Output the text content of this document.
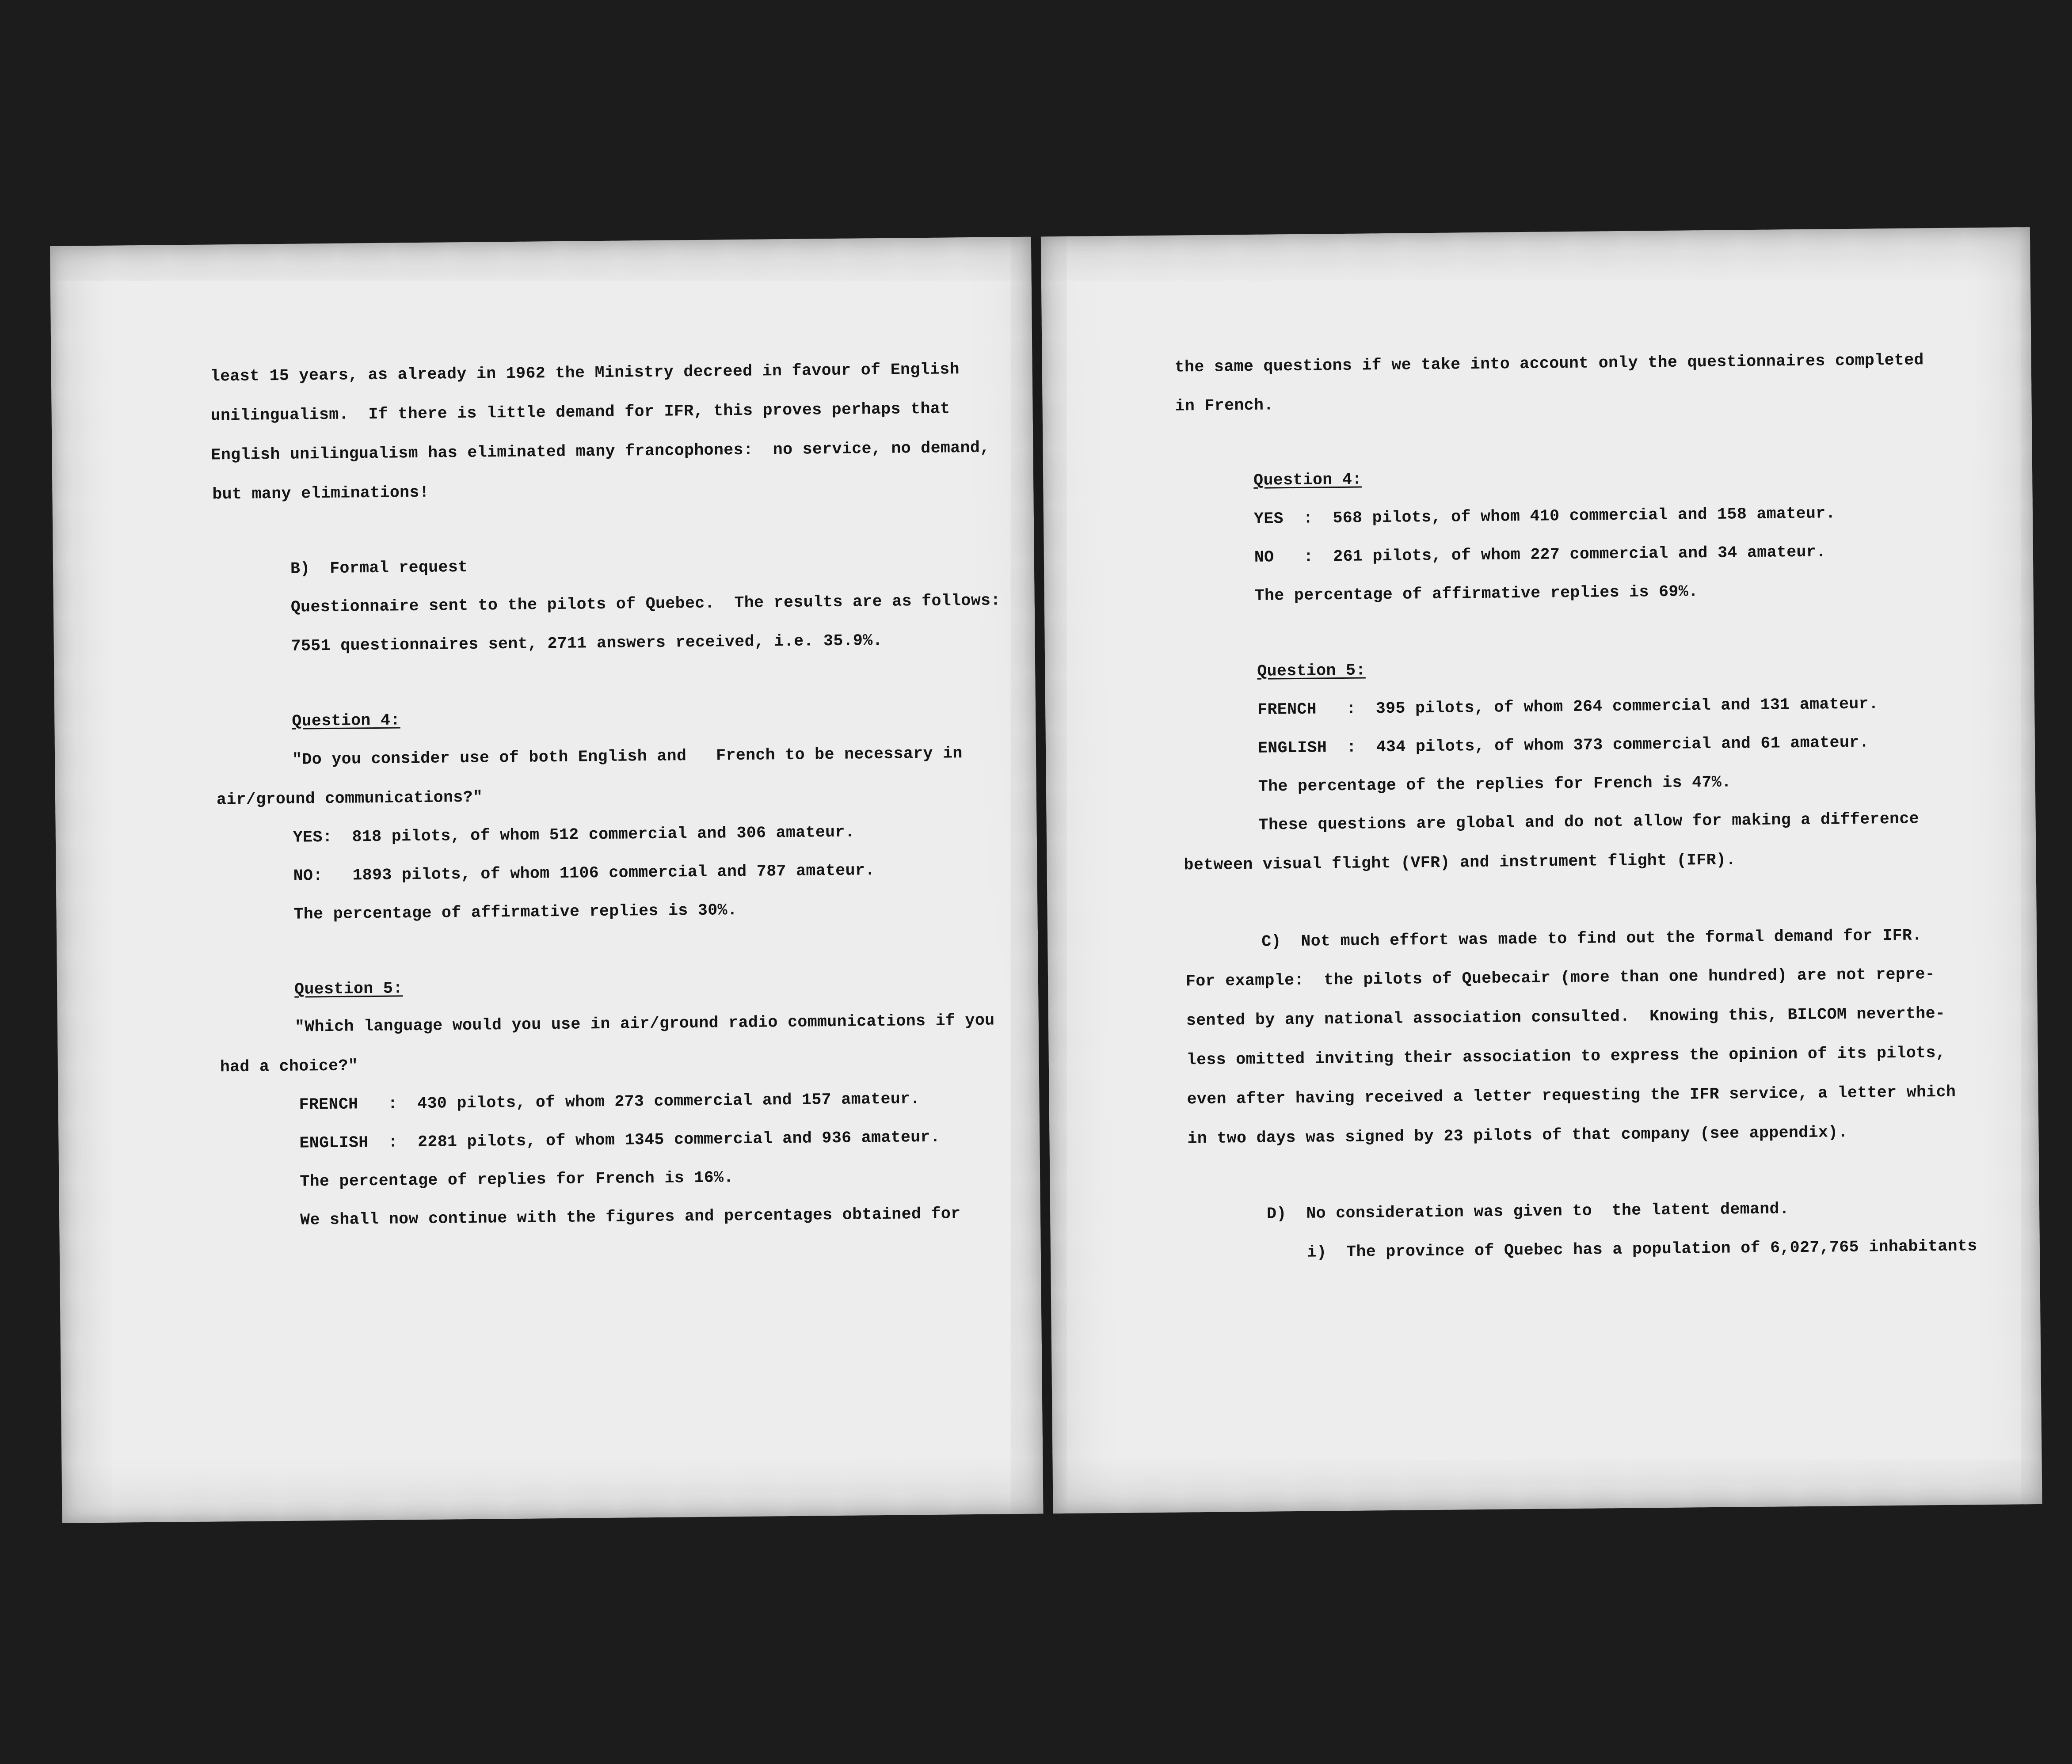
least 15 years, as already in 1962 the Ministry decreed in favour of English
unilingualism.  If there is little demand for IFR, this proves perhaps that
English unilingualism has eliminated many francophones:  no service, no demand,
but many eliminations!
B)  Formal request
Questionnaire sent to the pilots of Quebec.  The results are as follows:
7551 questionnaires sent, 2711 answers received, i.e. 35.9%.
Question 4:
"Do you consider use of both English and   French to be necessary in
air/ground communications?"
YES:  818 pilots, of whom 512 commercial and 306 amateur.
NO:   1893 pilots, of whom 1106 commercial and 787 amateur.
The percentage of affirmative replies is 30%.
Question 5:
"Which language would you use in air/ground radio communications if you
had a choice?"
FRENCH   :  430 pilots, of whom 273 commercial and 157 amateur.
ENGLISH  :  2281 pilots, of whom 1345 commercial and 936 amateur.
The percentage of replies for French is 16%.
We shall now continue with the figures and percentages obtained for
the same questions if we take into account only the questionnaires completed
in French.
Question 4:
YES  :  568 pilots, of whom 410 commercial and 158 amateur.
NO   :  261 pilots, of whom 227 commercial and 34 amateur.
The percentage of affirmative replies is 69%.
Question 5:
FRENCH   :  395 pilots, of whom 264 commercial and 131 amateur.
ENGLISH  :  434 pilots, of whom 373 commercial and 61 amateur.
The percentage of the replies for French is 47%.
These questions are global and do not allow for making a difference
between visual flight (VFR) and instrument flight (IFR).
C)  Not much effort was made to find out the formal demand for IFR.
For example:  the pilots of Quebecair (more than one hundred) are not repre-
sented by any national association consulted.  Knowing this, BILCOM neverthe-
less omitted inviting their association to express the opinion of its pilots,
even after having received a letter requesting the IFR service, a letter which
in two days was signed by 23 pilots of that company (see appendix).
D)  No consideration was given to  the latent demand.
i)  The province of Quebec has a population of 6,027,765 inhabitants
